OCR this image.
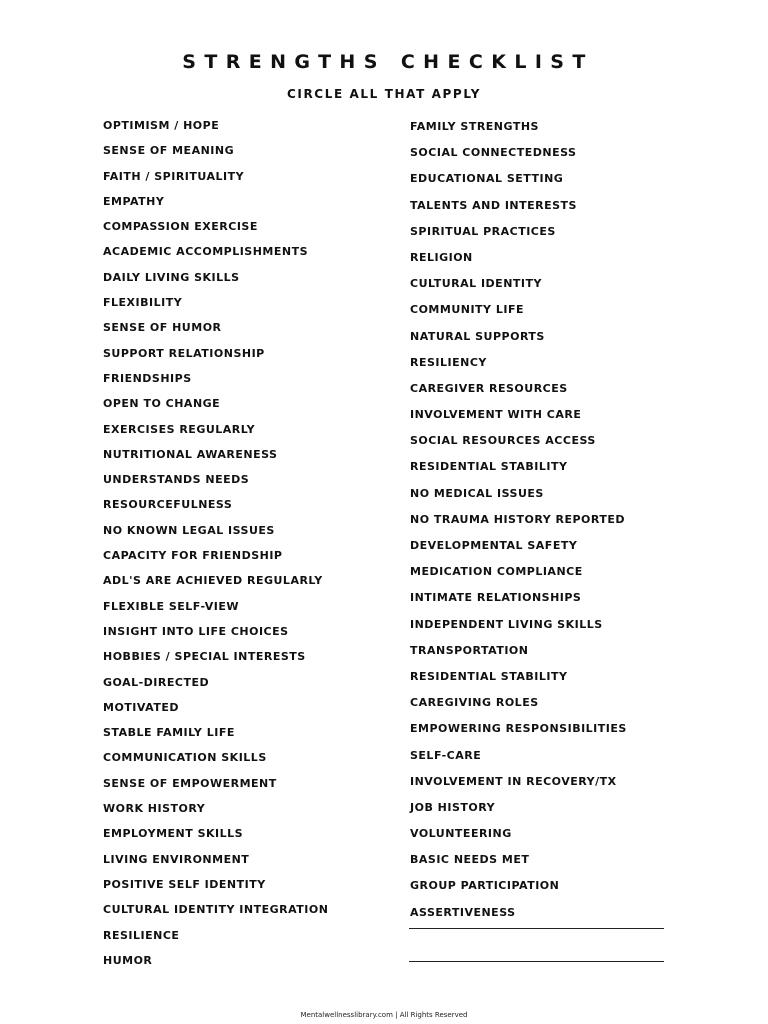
STRENGTHS CHECKLIST
CIRCLE ALL THAT APPLY
OPTIMISM / HOPE
SENSE OF MEANING
FAITH / SPIRITUALITY
EMPATHY
COMPASSION EXERCISE
ACADEMIC ACCOMPLISHMENTS
DAILY LIVING SKILLS
FLEXIBILITY
SENSE OF HUMOR
SUPPORT RELATIONSHIP
FRIENDSHIPS
OPEN TO CHANGE
EXERCISES REGULARLY
NUTRITIONAL AWARENESS
UNDERSTANDS NEEDS
RESOURCEFULNESS
NO KNOWN LEGAL ISSUES
CAPACITY FOR FRIENDSHIP
ADL'S ARE ACHIEVED REGULARLY
FLEXIBLE SELF-VIEW
INSIGHT INTO LIFE CHOICES
HOBBIES / SPECIAL INTERESTS
GOAL-DIRECTED
MOTIVATED
STABLE FAMILY LIFE
COMMUNICATION SKILLS
SENSE OF EMPOWERMENT
WORK HISTORY
EMPLOYMENT SKILLS
LIVING ENVIRONMENT
POSITIVE SELF IDENTITY
CULTURAL IDENTITY INTEGRATION
RESILIENCE
HUMOR
FAMILY STRENGTHS
SOCIAL CONNECTEDNESS
EDUCATIONAL SETTING
TALENTS AND INTERESTS
SPIRITUAL PRACTICES
RELIGION
CULTURAL IDENTITY
COMMUNITY LIFE
NATURAL SUPPORTS
RESILIENCY
CAREGIVER RESOURCES
INVOLVEMENT WITH CARE
SOCIAL RESOURCES ACCESS
RESIDENTIAL STABILITY
NO MEDICAL ISSUES
NO TRAUMA HISTORY REPORTED
DEVELOPMENTAL SAFETY
MEDICATION COMPLIANCE
INTIMATE RELATIONSHIPS
INDEPENDENT LIVING SKILLS
TRANSPORTATION
RESIDENTIAL STABILITY
CAREGIVING ROLES
EMPOWERING RESPONSIBILITIES
SELF-CARE
INVOLVEMENT IN RECOVERY/TX
JOB HISTORY
VOLUNTEERING
BASIC NEEDS MET
GROUP PARTICIPATION
ASSERTIVENESS
Mentalwellnesslibrary.com | All Rights Reserved
